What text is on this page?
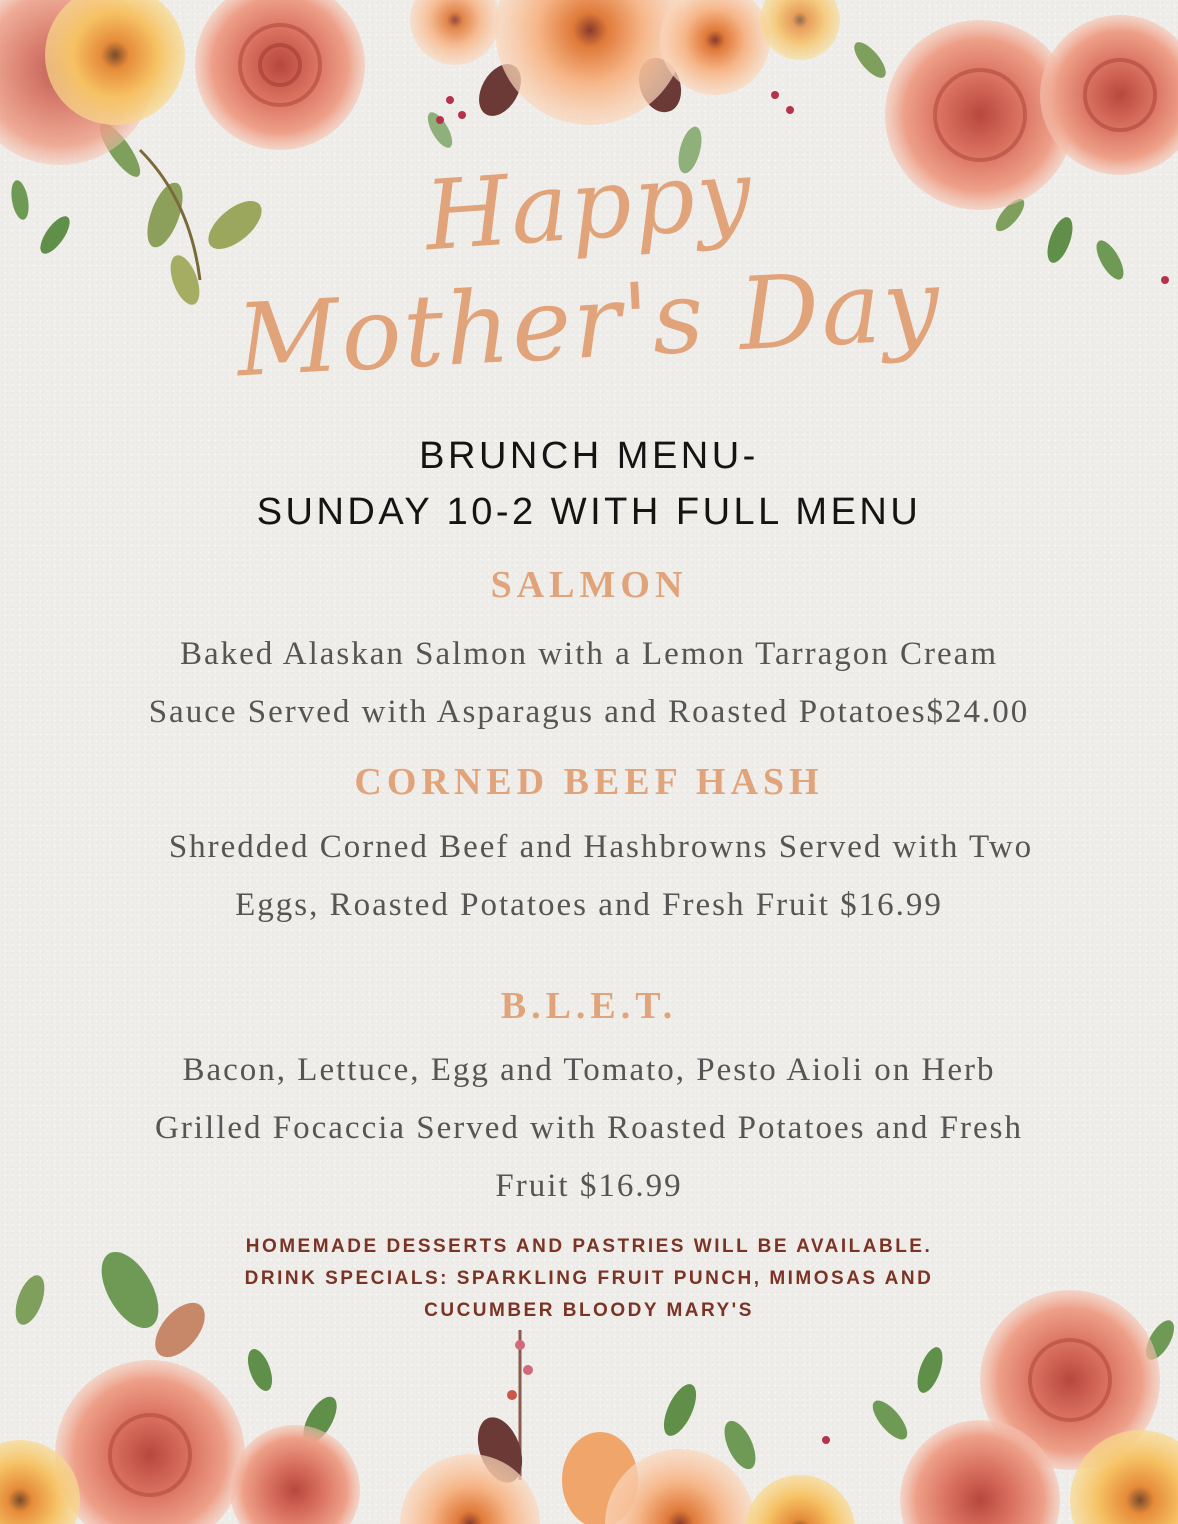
Happy
Mother's Day
BRUNCH MENU-
SUNDAY 10-2 WITH FULL MENU
SALMON
Baked Alaskan Salmon with a Lemon Tarragon Cream
Sauce Served with Asparagus and Roasted Potatoes$24.00
CORNED BEEF HASH
Shredded Corned Beef and Hashbrowns Served with Two
Eggs, Roasted Potatoes and Fresh Fruit $16.99
B.L.E.T.
Bacon, Lettuce, Egg and Tomato, Pesto Aioli on Herb
Grilled Focaccia Served with Roasted Potatoes and Fresh
Fruit $16.99
HOMEMADE DESSERTS AND PASTRIES WILL BE AVAILABLE.
DRINK SPECIALS: SPARKLING FRUIT PUNCH, MIMOSAS AND
CUCUMBER BLOODY MARY'S
